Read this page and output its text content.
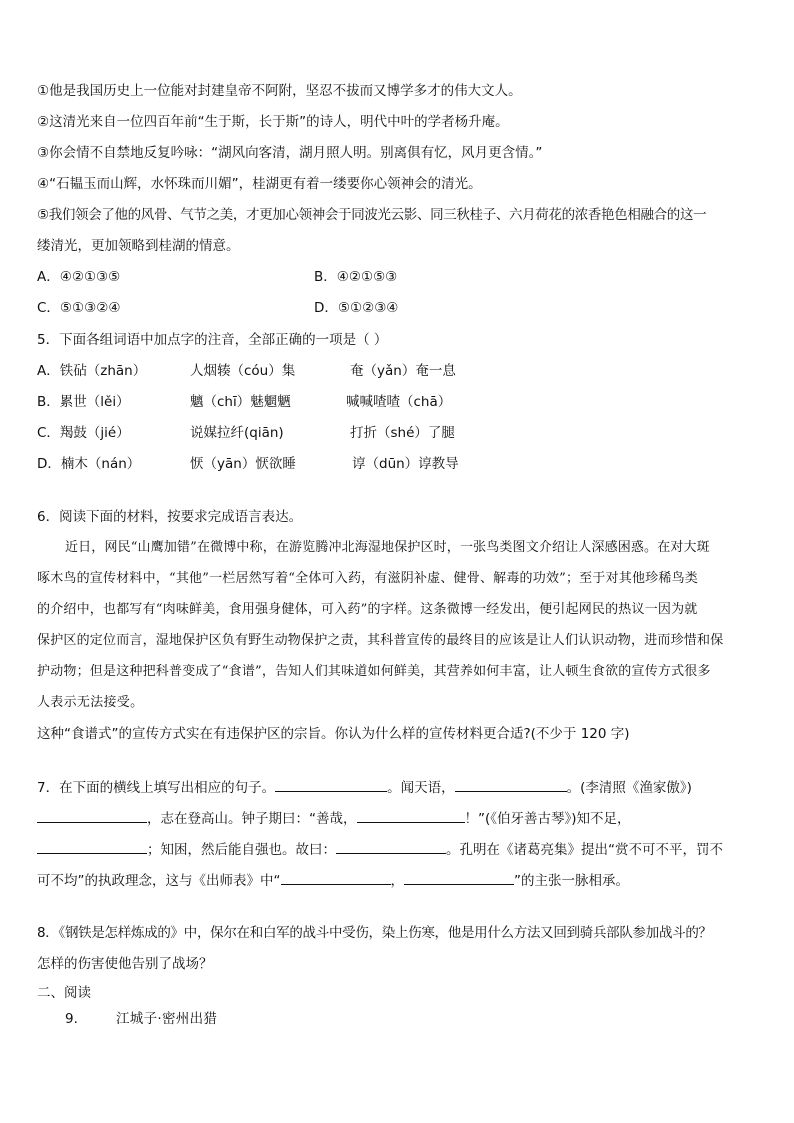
①他是我国历史上一位能对封建皇帝不阿附，坚忍不拔而又博学多才的伟大文人。
②这清光来自一位四百年前“生于斯，长于斯”的诗人，明代中叶的学者杨升庵。
③你会情不自禁地反复吟咏：“湖风向客清，湖月照人明。别离俱有忆，风月更含情。”
④“石韫玉而山辉，水怀珠而川媚”，桂湖更有着一缕要你心领神会的清光。
⑤我们领会了他的风骨、气节之美，才更加心领神会于同波光云影、同三秋桂子、六月荷花的浓香艳色相融合的这一
缕清光，更加领略到桂湖的情意。
A．④②①③⑤	B．④②①⑤③
C．⑤①③②④	D．⑤①②③④
5．下面各组词语中加点字的注音，全部正确的一项是（ ）
A．铁砧（zhān）	人烟辏（cóu）集	奄（yǎn）奄一息
B．累世（lěi）	魑（chī）魅魍魉	喊喊喳喳（chā）
C．羯鼓（jié）	说媒拉纤(qiān)	打折（shé）了腿
D．楠木（nán）	恹（yān）恹欲睡	谆（dūn）谆教导
6．阅读下面的材料，按要求完成语言表达。
近日，网民“山鹰加错”在微博中称，在游览腾冲北海湿地保护区时，一张鸟类图文介绍让人深感困惑。在对大斑
啄木鸟的宣传材料中，“其他”一栏居然写着“全体可入药，有滋阴补虚、健骨、解毒的功效”；至于对其他珍稀鸟类
的介绍中，也都写有“肉味鲜美，食用强身健体，可入药”的字样。这条微博一经发出，便引起网民的热议一因为就
保护区的定位而言，湿地保护区负有野生动物保护之责，其科普宣传的最终目的应该是让人们认识动物，进而珍惜和保
护动物；但是这种把科普变成了“食谱”，告知人们其味道如何鲜美，其营养如何丰富，让人顿生食欲的宣传方式很多
人表示无法接受。
这种“食谱式”的宣传方式实在有违保护区的宗旨。你认为什么样的宣传材料更合适?(不少于 120 字)
7．在下面的横线上填写出相应的句子。	。闻天语，	。(李清照《渔家傲》)
，志在登高山。钟子期曰：“善哉，	！”(《伯牙善古琴》)知不足，
；知困，然后能自强也。故曰：	。孔明在《诸葛亮集》提出“赏不可不平，罚不
可不均”的执政理念，这与《出师表》中“	，	”的主张一脉相承。
8．《钢铁是怎样炼成的》中，保尔在和白军的战斗中受伤，染上伤寒，他是用什么方法又回到骑兵部队参加战斗的？
怎样的伤害使他告别了战场？
二、阅读
9.	江城子·密州出猎
